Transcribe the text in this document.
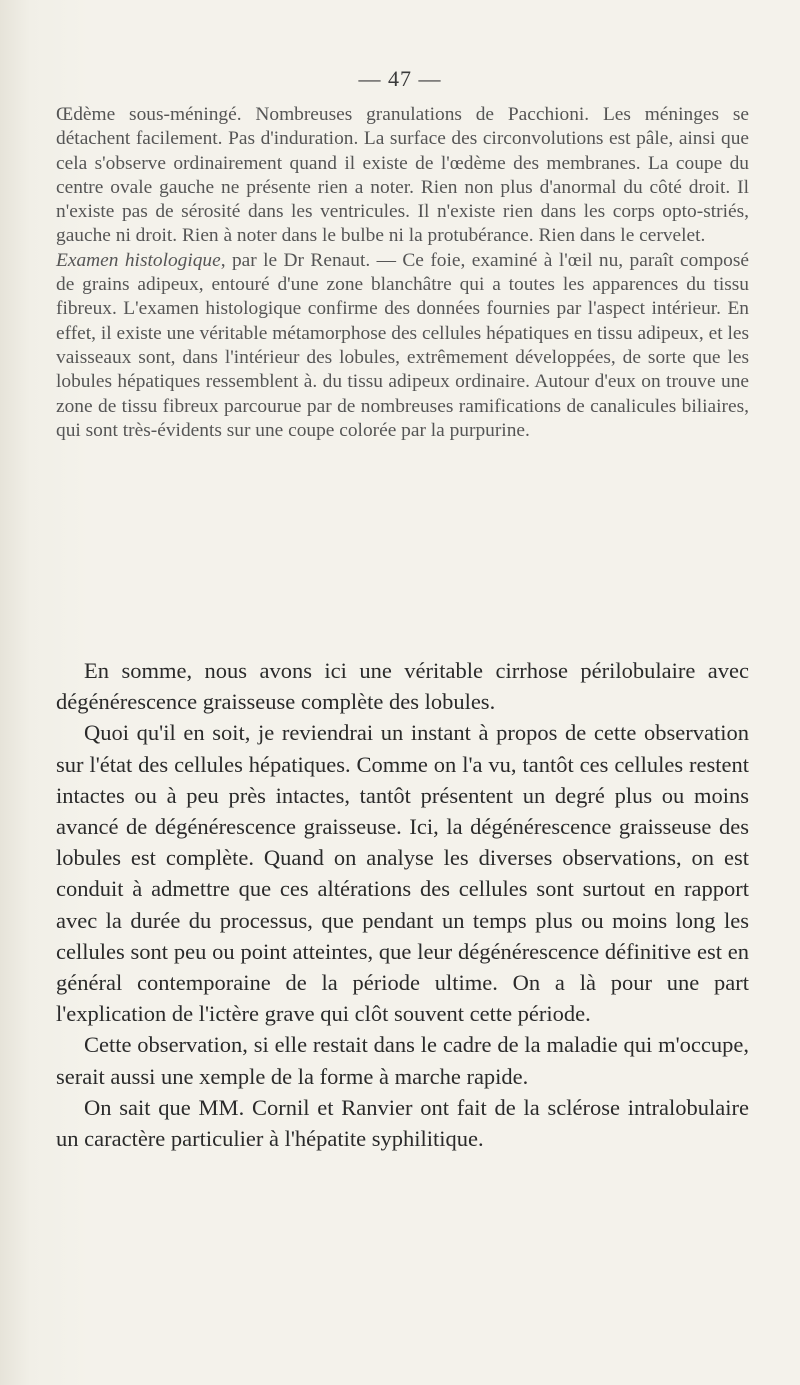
— 47 —

Œdème sous-méningé. Nombreuses granulations de Pacchioni. Les méninges se détachent facilement. Pas d'induration. La surface des circonvolutions est pâle, ainsi que cela s'observe ordinairement quand il existe de l'œdème des membranes. La coupe du centre ovale gauche ne présente rien a noter. Rien non plus d'anormal du côté droit. Il n'existe pas de sérosité dans les ventricules. Il n'existe rien dans les corps opto-striés, gauche ni droit. Rien à noter dans le bulbe ni la protubérance. Rien dans le cervelet.

Examen histologique, par le Dr Renaut. — Ce foie, examiné à l'œil nu, paraît composé de grains adipeux, entouré d'une zone blanchâtre qui a toutes les apparences du tissu fibreux. L'examen histologique confirme des données fournies par l'aspect intérieur. En effet, il existe une véritable métamorphose des cellules hépatiques en tissu adipeux, et les vaisseaux sont, dans l'intérieur des lobules, extrêmement développées, de sorte que les lobules hépatiques ressemblent à. du tissu adipeux ordinaire. Autour d'eux on trouve une zone de tissu fibreux parcourue par de nombreuses ramifications de canalicules biliaires, qui sont très-évidents sur une coupe colorée par la purpurine.

En somme, nous avons ici une véritable cirrhose périlobulaire avec dégénérescence graisseuse complète des lobules.

Quoi qu'il en soit, je reviendrai un instant à propos de cette observation sur l'état des cellules hépatiques. Comme on l'a vu, tantôt ces cellules restent intactes ou à peu près intactes, tantôt présentent un degré plus ou moins avancé de dégénérescence graisseuse. Ici, la dégénérescence graisseuse des lobules est complète. Quand on analyse les diverses observations, on est conduit à admettre que ces altérations des cellules sont surtout en rapport avec la durée du processus, que pendant un temps plus ou moins long les cellules sont peu ou point atteintes, que leur dégénérescence définitive est en général contemporaine de la période ultime. On a là pour une part l'explication de l'ictère grave qui clôt souvent cette période.

Cette observation, si elle restait dans le cadre de la maladie qui m'occupe, serait aussi une xemple de la forme à marche rapide.

On sait que MM. Cornil et Ranvier ont fait de la sclérose intralobulaire un caractère particulier à l'hépatite syphilitique.
